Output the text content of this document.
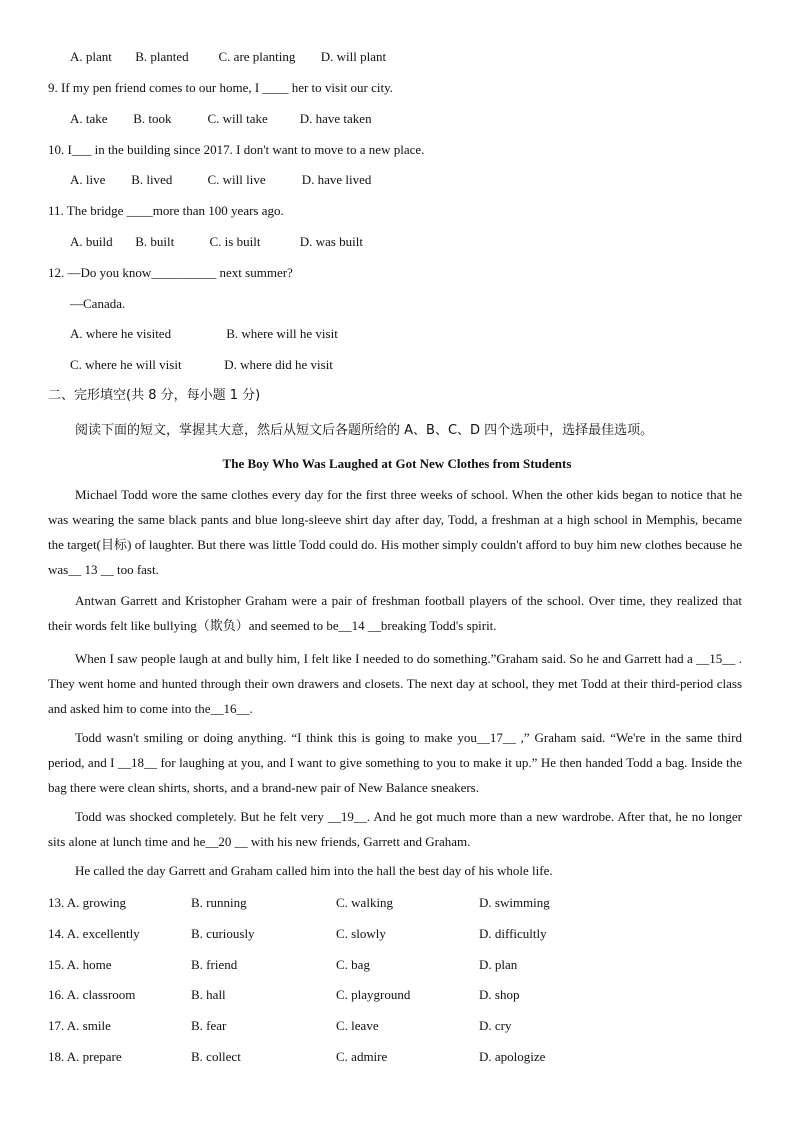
A. plant B. planted C. are planting D. will plant
9. If my pen friend comes to our home, I ____ her to visit our city.
A. take B. took	C. will take D. have taken
10. I___ in the building since 2017. I don't want to move to a new place.
A. live B. lived	C. will live	D. have lived
11. The bridge ____more than 100 years ago.
A. build B. built	C. is built	D. was built
12. —Do you know__________ next summer?
—Canada.
A. where he visited	B. where will he visit
C. where he will visit	D. where did he visit
二、完形填空(共 8 分，每小题 1 分)
阅读下面的短文，掌握其大意，然后从短文后各题所给的 A、B、C、D 四个选项中，选择最佳选项。
The Boy Who Was Laughed at Got New Clothes from Students
Michael Todd wore the same clothes every day for the first three weeks of school. When the other kids began to notice that he was wearing the same black pants and blue long-sleeve shirt day after day, Todd, a freshman at a high school in Memphis, became the target(目标) of laughter. But there was little Todd could do. His mother simply couldn't afford to buy him new clothes because he was__ 13 __ too fast.
Antwan Garrett and Kristopher Graham were a pair of freshman football players of the school. Over time, they realized that their words felt like bullying（欺负）and seemed to be__14 __breaking Todd's spirit.
When I saw people laugh at and bully him, I felt like I needed to do something.”Graham said. So he and Garrett had a __15__ . They went home and hunted through their own drawers and closets. The next day at school, they met Todd at their third-period class and asked him to come into the__16__.
Todd wasn't smiling or doing anything. “I think this is going to make you__17__ ,” Graham said. “We're in the same third period, and I __18__ for laughing at you, and I want to give something to you to make it up.” He then handed Todd a bag. Inside the bag there were clean shirts, shorts, and a brand-new pair of New Balance sneakers.
Todd was shocked completely. But he felt very __19__. And he got much more than a new wardrobe. After that, he no longer sits alone at lunch time and he__20 __ with his new friends, Garrett and Graham.
He called the day Garrett and Graham called him into the hall the best day of his whole life.
13. A. growing	B. running	C. walking	D. swimming
14. A. excellently	B. curiously	C. slowly	D. difficultly
15. A. home	B. friend	C. bag	D. plan
16. A. classroom	B. hall	C. playground	D. shop
17. A. smile	B. fear	C. leave	D. cry
18. A. prepare	B. collect	C. admire	D. apologize
